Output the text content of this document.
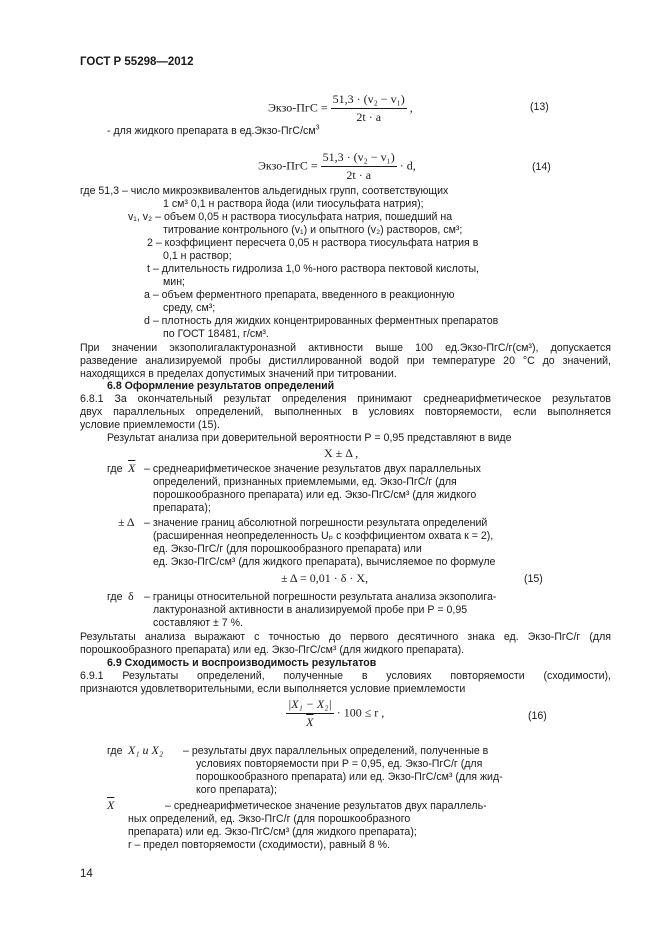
ГОСТ Р 55298—2012
Экзо-ПгС = $\frac{\text{51,3 · (v₂ − v₁)}}{2t \cdot a}$ ,	(13)
- для жидкого препарата в $ед.Экзо-ПгС/см^3$
Экзо-ПгС = $\frac{\text{51,3 · (v₂ − v₁)}}{2t \cdot a} \cdot d$,	(14)
где 51,3 – число микроэквивалентов альдегидных групп, соответствующих
1 см³ 0,1 н раствора йода (или тиосульфата натрия);
v₁, v₂ – объем 0,05 н раствора тиосульфата натрия, пошедший на
титрование контрольного (v₁) и опытного (v₂) растворов, см³;
2 – коэффициент пересчета 0,05 н раствора тиосульфата натрия в
0,1 н раствор;
t – длительность гидролиза 1,0 %-ного раствора пектовой кислоты,
мин;
a – объем ферментного препарата, введенного в реакционную
среду, см³;
d – плотность для жидких концентрированных ферментных препаратов
по ГОСТ 18481, г/см³.
При значении экзополигалактуроназной активности выше 100 ед.Экзо-ПгС/г(см³), допускается
разведение анализируемой пробы дистиллированной водой при температуре 20 °С до значений,
находящихся в пределах допустимых значений при титровании.
6.8 Оформление результатов определений
6.8.1 За окончательный результат определения принимают среднеарифметическое результатов
двух параллельных определений, выполненных в условиях повторяемости, если выполняется
условие приемлемости (15).
Результат анализа при доверительной вероятности Р = 0,95 представляют в виде
X ± Δ ,
где $\overline{X}$ – среднеарифметическое значение результатов двух параллельных
определений, признанных приемлемыми, ед. Экзо-ПгС/г (для
порошкообразного препарата) или ед. Экзо-ПгС/см³ (для жидкого
препарата);
± Δ – значение границ абсолютной погрешности результата определений
(расширенная неопределенность Uₚ с коэффициентом охвата к = 2),
ед. Экзо-ПгС/г (для порошкообразного препарата) или
ед. Экзо-ПгС/см³ (для жидкого препарата), вычисляемое по формуле
± Δ = 0,01 · δ · X,	(15)
где δ – границы относительной погрешности результата анализа экзополига-
лактуроназной активности в анализируемой пробе при Р = 0,95
составляют ± 7 %.
Результаты анализа выражают с точностью до первого десятичного знака ед. Экзо-ПгС/г (для
порошкообразного препарата) или ед. Экзо-ПгС/см³ (для жидкого препарата).
6.9 Сходимость и воспроизводимость результатов
6.9.1 Результаты определений, полученные в условиях повторяемости (сходимости),
признаются удовлетворительными, если выполняется условие приемлемости
$\frac{\text{|X₁ − X₂|}}{X} \cdot 100 \le r$ ,	(16)
где X₁ и X₂ – результаты двух параллельных определений, полученные в
условиях повторяемости при Р = 0,95, ед. Экзо-ПгС/г (для
порошкообразного препарата) или ед. Экзо-ПгС/см³ (для жид-
кого препарата);
$\overline{X}$	– среднеарифметическое значение результатов двух параллель-
ных определений, ед. Экзо-ПгС/г (для порошкообразного
препарата) или ед. Экзо-ПгС/см³ (для жидкого препарата);
r – предел повторяемости (сходимости), равный 8 %.
14
